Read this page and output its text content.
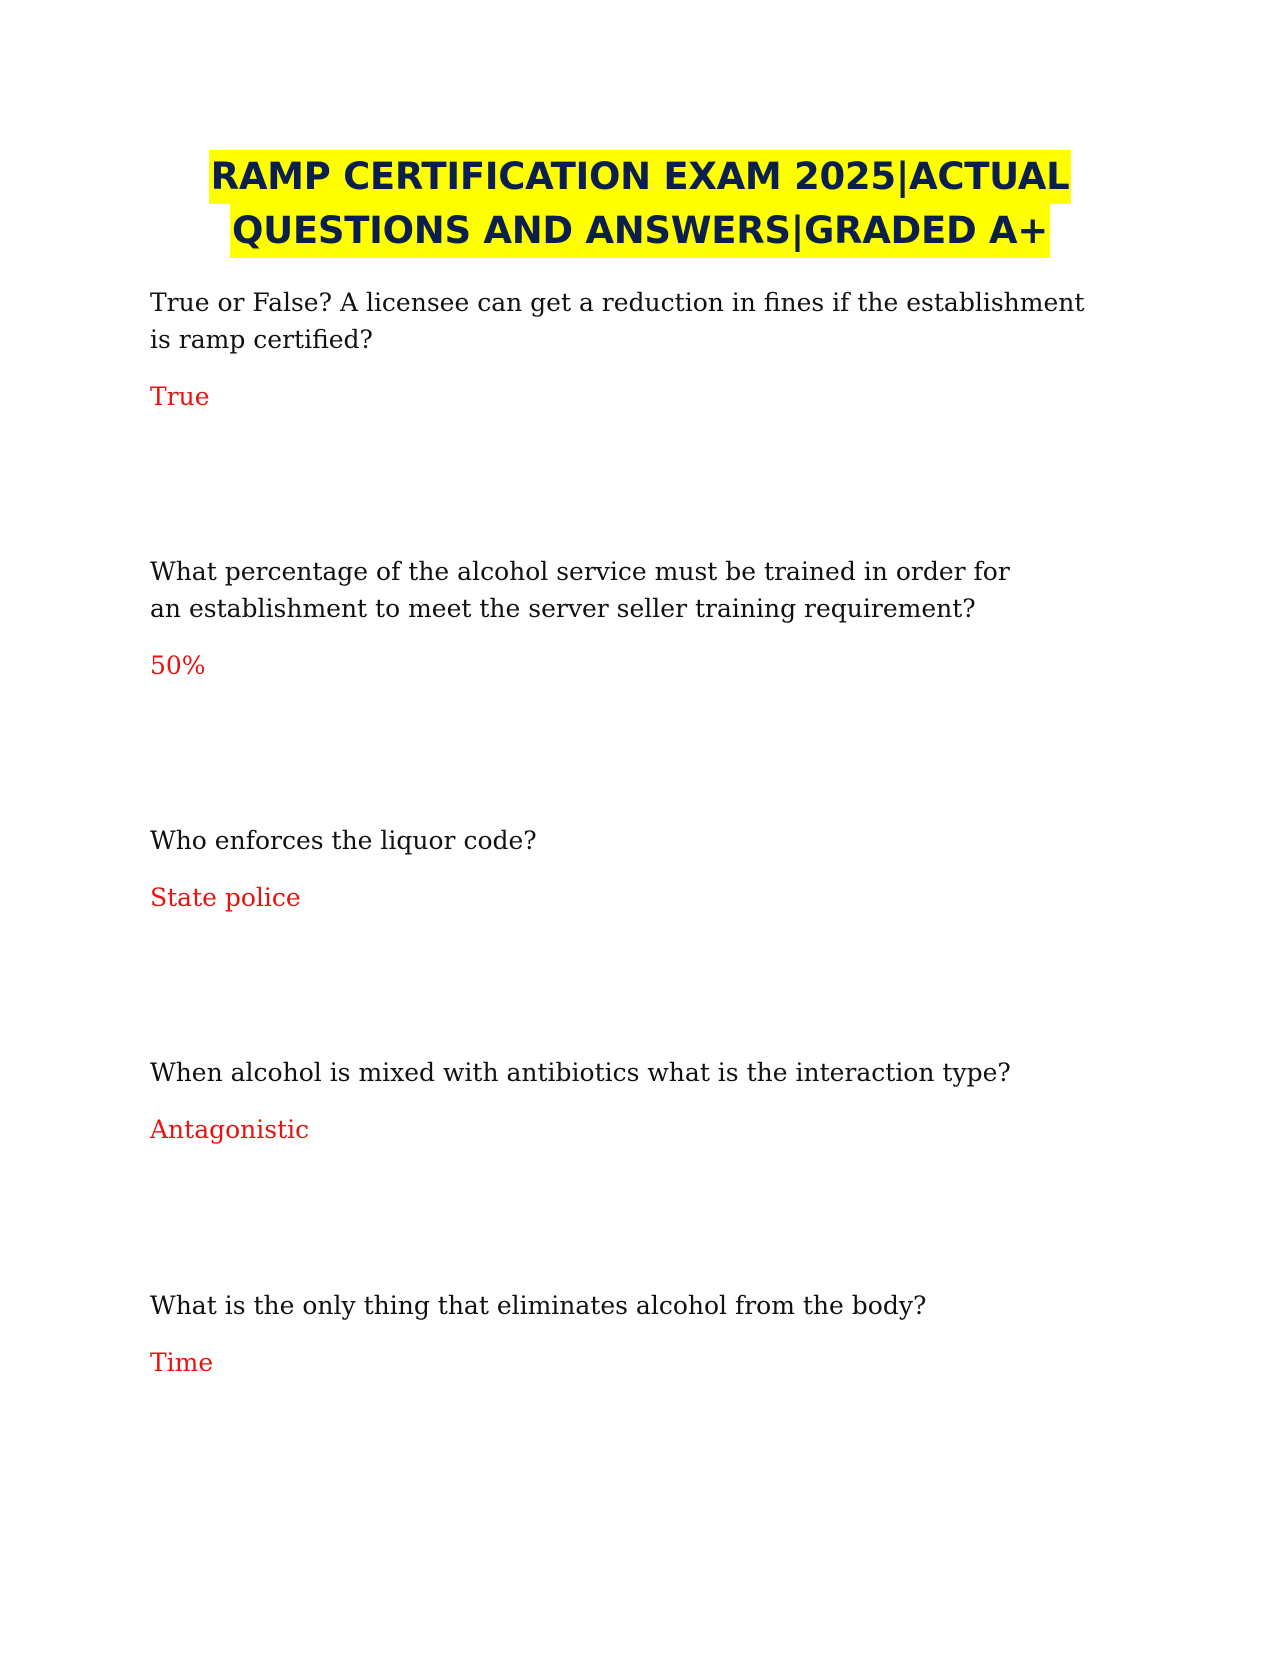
RAMP CERTIFICATION EXAM 2025|ACTUAL
QUESTIONS AND ANSWERS|GRADED A+

True or False? A licensee can get a reduction in fines if the establishment is ramp certified?

True

What percentage of the alcohol service must be trained in order for an establishment to meet the server seller training requirement?

50%

Who enforces the liquor code?

State police

When alcohol is mixed with antibiotics what is the interaction type?

Antagonistic

What is the only thing that eliminates alcohol from the body?

Time
